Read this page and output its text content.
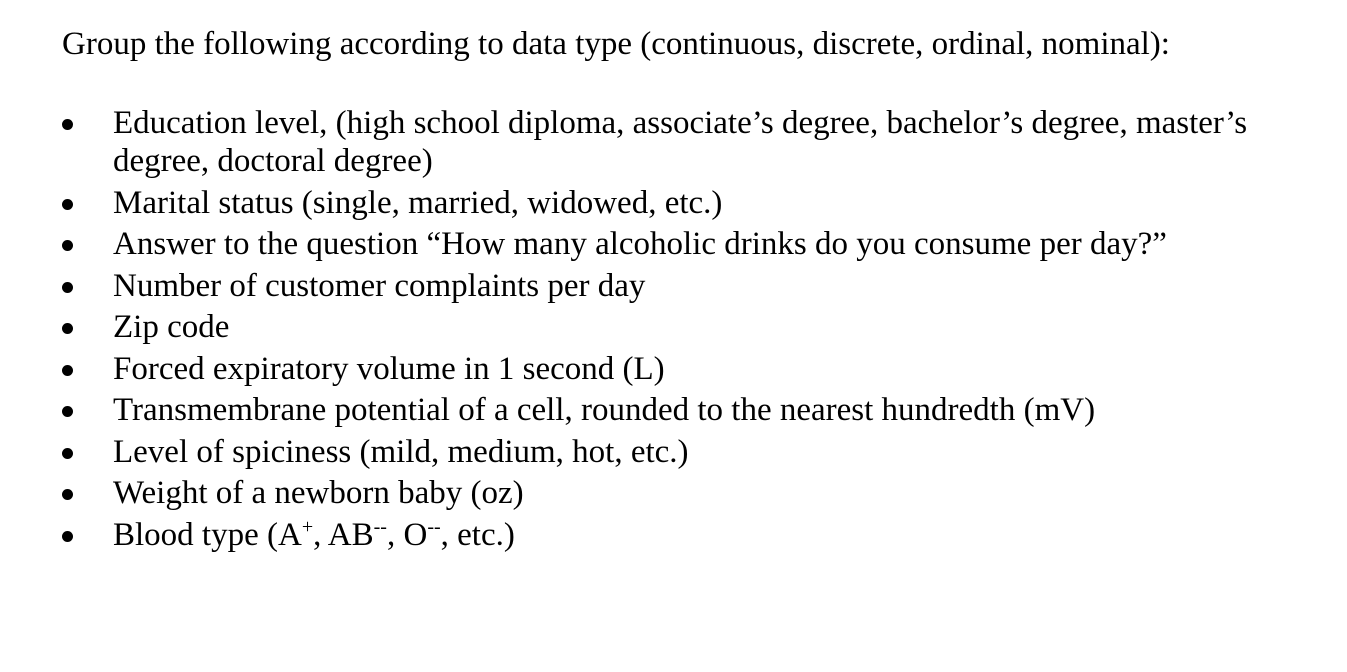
Group the following according to data type (continuous, discrete, ordinal, nominal):

Education level, (high school diploma, associate’s degree, bachelor’s degree, master’s degree, doctoral degree)
Marital status (single, married, widowed, etc.)
Answer to the question “How many alcoholic drinks do you consume per day?”
Number of customer complaints per day
Zip code
Forced expiratory volume in 1 second (L)
Transmembrane potential of a cell, rounded to the nearest hundredth (mV)
Level of spiciness (mild, medium, hot, etc.)
Weight of a newborn baby (oz)
Blood type (A+, AB--, O--, etc.)
